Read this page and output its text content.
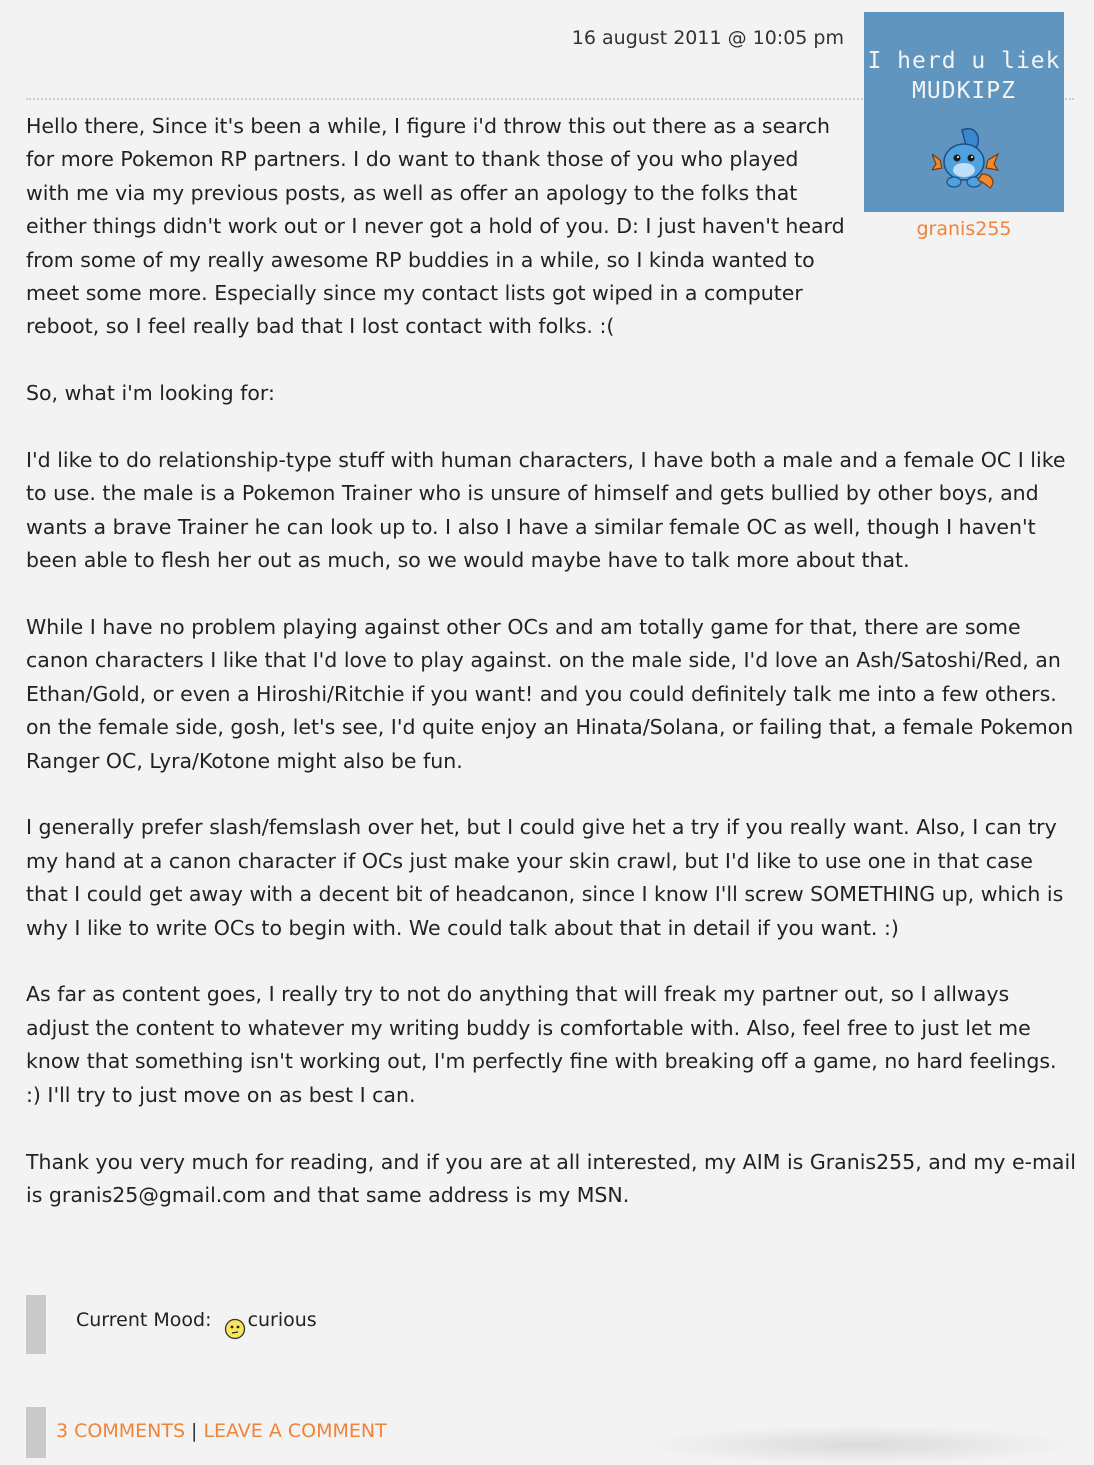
16 august 2011 @ 10:05 pm
I herd u liek
MUDKIPZ
granis255

Hello there, Since it's been a while, I figure i'd throw this out there as a search for more Pokemon RP partners. I do want to thank those of you who played with me via my previous posts, as well as offer an apology to the folks that either things didn't work out or I never got a hold of you. D: I just haven't heard from some of my really awesome RP buddies in a while, so I kinda wanted to meet some more. Especially since my contact lists got wiped in a computer reboot, so I feel really bad that I lost contact with folks. :(

So, what i'm looking for:

I'd like to do relationship-type stuff with human characters, I have both a male and a female OC I like to use. the male is a Pokemon Trainer who is unsure of himself and gets bullied by other boys, and wants a brave Trainer he can look up to. I also I have a similar female OC as well, though I haven't been able to flesh her out as much, so we would maybe have to talk more about that.

While I have no problem playing against other OCs and am totally game for that, there are some canon characters I like that I'd love to play against. on the male side, I'd love an Ash/Satoshi/Red, an Ethan/Gold, or even a Hiroshi/Ritchie if you want! and you could definitely talk me into a few others. on the female side, gosh, let's see, I'd quite enjoy an Hinata/Solana, or failing that, a female Pokemon Ranger OC, Lyra/Kotone might also be fun.

I generally prefer slash/femslash over het, but I could give het a try if you really want. Also, I can try my hand at a canon character if OCs just make your skin crawl, but I'd like to use one in that case that I could get away with a decent bit of headcanon, since I know I'll screw SOMETHING up, which is why I like to write OCs to begin with. We could talk about that in detail if you want. :)

As far as content goes, I really try to not do anything that will freak my partner out, so I allways adjust the content to whatever my writing buddy is comfortable with. Also, feel free to just let me know that something isn't working out, I'm perfectly fine with breaking off a game, no hard feelings. :) I'll try to just move on as best I can.

Thank you very much for reading, and if you are at all interested, my AIM is Granis255, and my e-mail is granis25@gmail.com and that same address is my MSN.

Current Mood: curious
3 COMMENTS | LEAVE A COMMENT
